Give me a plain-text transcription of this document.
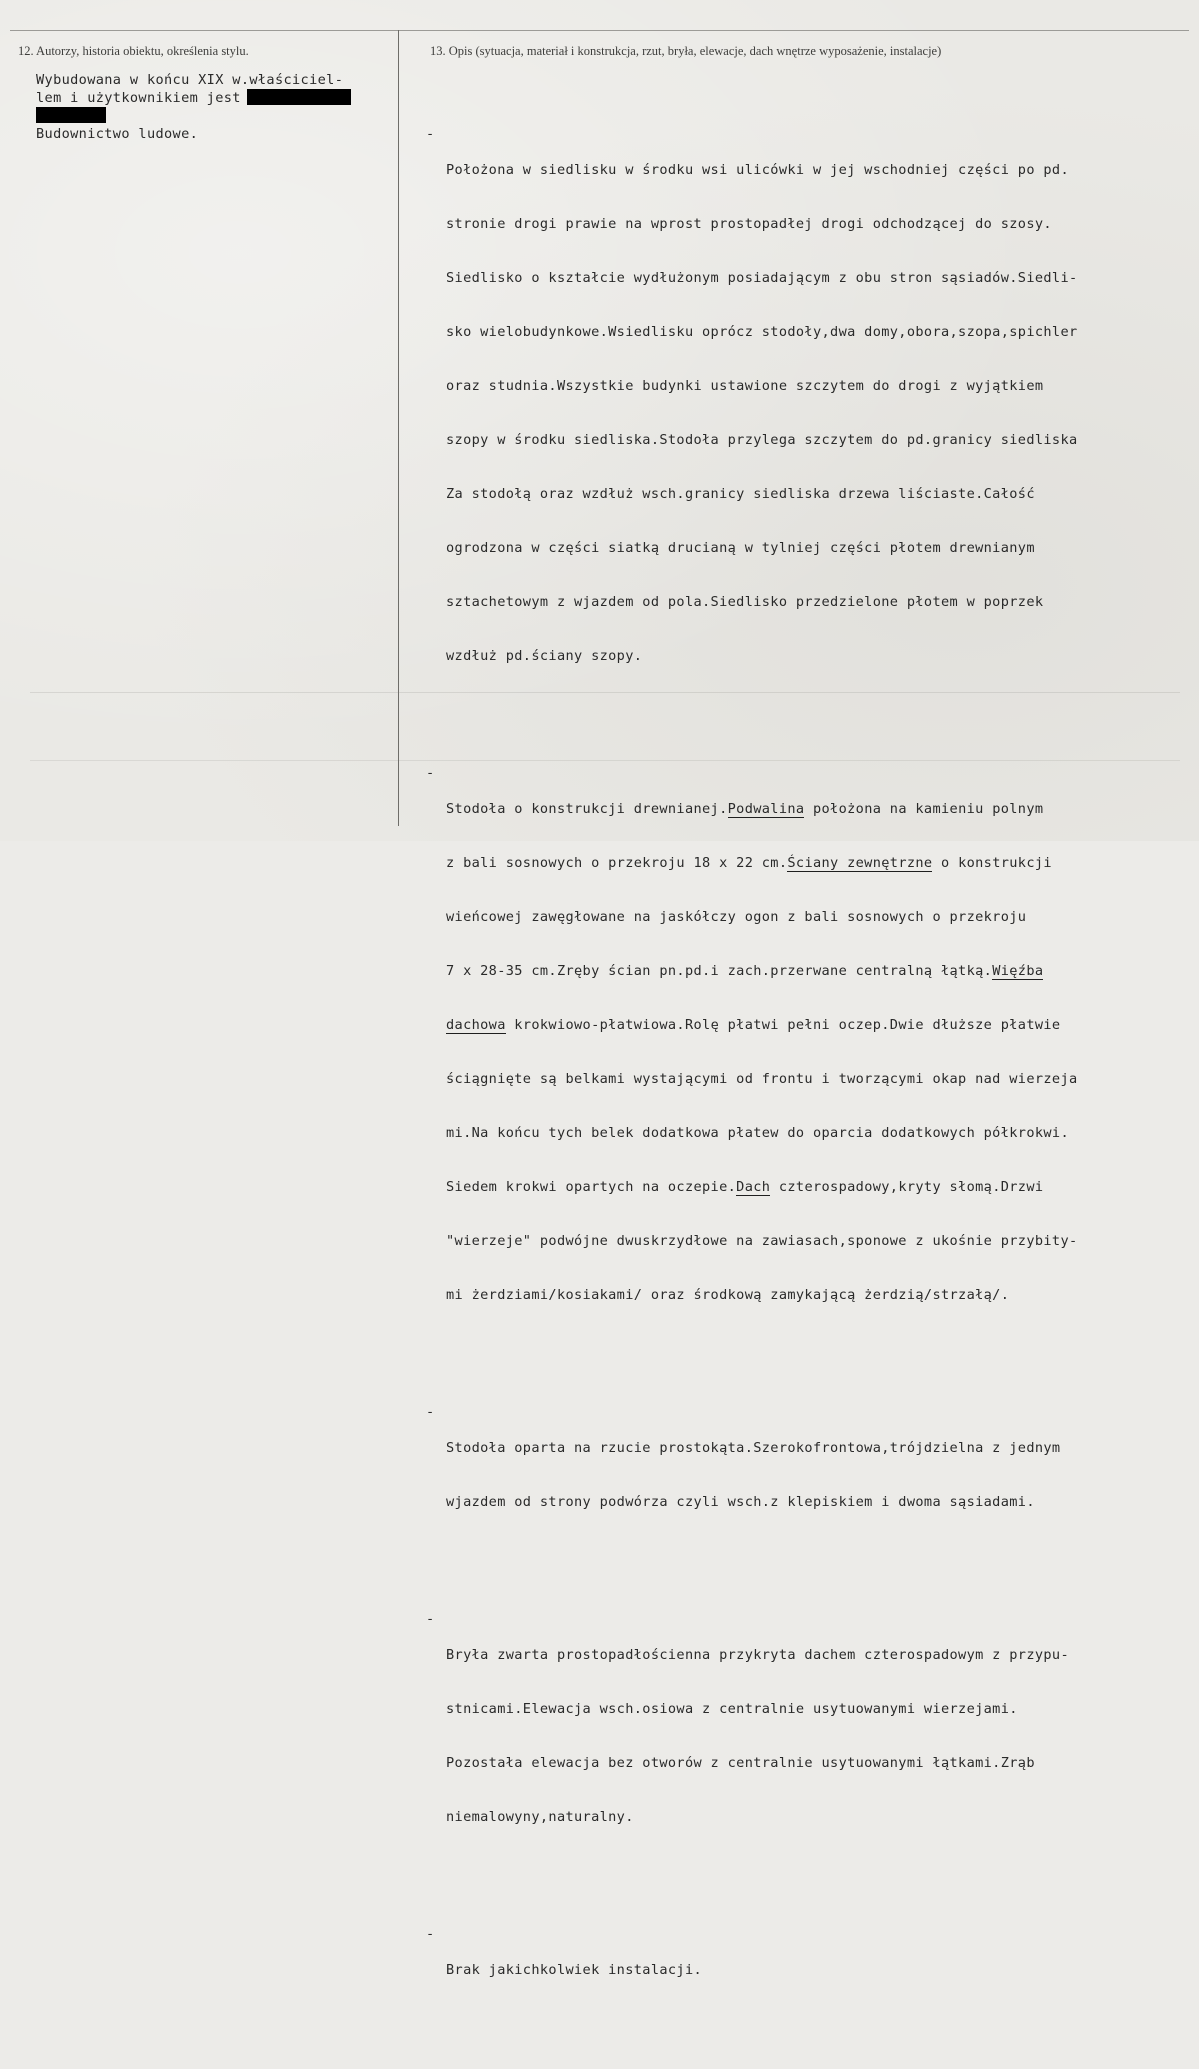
12. Autorzy, historia obiektu, określenia stylu.	13. Opis (sytuacja, materiał i konstrukcja, rzut, bryła, elewacje, dach wnętrze wyposażenie, instalacje)
Wybudowana w końcu XIX w.właściciel-
lem i użytkownikiem jest
Budownictwo ludowe.

	-

Położona w siedlisku w środku wsi ulicówki w jej wschodniej części po pd.

stronie drogi prawie na wprost prostopadłej drogi odchodzącej do szosy.

Siedlisko o kształcie wydłużonym posiadającym z obu stron sąsiadów.Siedli-

sko wielobudynkowe.Wsiedlisku oprócz stodoły,dwa domy,obora,szopa,spichler

oraz studnia.Wszystkie budynki ustawione szczytem do drogi z wyjątkiem

szopy w środku siedliska.Stodoła przylega szczytem do pd.granicy siedliska

Za stodołą oraz wzdłuż wsch.granicy siedliska drzewa liściaste.Całość

ogrodzona w części siatką drucianą w tylniej części płotem drewnianym

sztachetowym z wjazdem od pola.Siedlisko przedzielone płotem w poprzek

wzdłuż pd.ściany szopy.

-

Stodoła o konstrukcji drewnianej.Podwalina położona na kamieniu polnym

z bali sosnowych o przekroju 18 x 22 cm.Ściany zewnętrzne o konstrukcji

wieńcowej zawęgłowane na jaskółczy ogon z bali sosnowych o przekroju

7 x 28-35 cm.Zręby ścian pn.pd.i zach.przerwane centralną łątką.Więźba

dachowa krokwiowo-płatwiowa.Rolę płatwi pełni oczep.Dwie dłuższe płatwie

ściągnięte są belkami wystającymi od frontu i tworzącymi okap nad wierzeja

mi.Na końcu tych belek dodatkowa płatew do oparcia dodatkowych półkrokwi.

Siedem krokwi opartych na oczepie.Dach czterospadowy,kryty słomą.Drzwi

"wierzeje" podwójne dwuskrzydłowe na zawiasach,sponowe z ukośnie przybity-

mi żerdziami/kosiakami/ oraz środkową zamykającą żerdzią/strzałą/.

-

Stodoła oparta na rzucie prostokąta.Szerokofrontowa,trójdzielna z jednym

wjazdem od strony podwórza czyli wsch.z klepiskiem i dwoma sąsiadami.

-

Bryła zwarta prostopadłościenna przykryta dachem czterospadowym z przypu-

stnicami.Elewacja wsch.osiowa z centralnie usytuowanymi wierzejami.

Pozostała elewacja bez otworów z centralnie usytuowanymi łątkami.Zrąb

niemalowyny,naturalny.

-

Brak jakichkolwiek instalacji.
